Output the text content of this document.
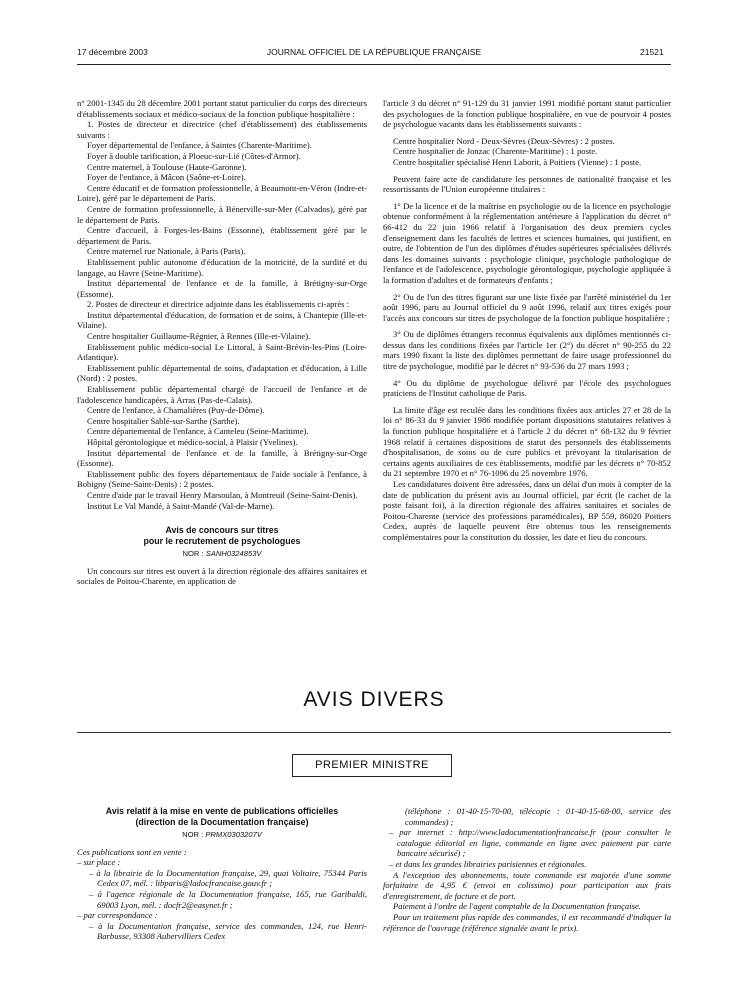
17 décembre 2003	JOURNAL OFFICIEL DE LA RÉPUBLIQUE FRANÇAISE	21521

n° 2001-1345 du 28 décembre 2001 portant statut particulier du corps des directeurs d'établissements sociaux et médico-sociaux de la fonction publique hospitalière :

1. Postes de directeur et directrice (chef d'établissement) des établissements suivants :

Foyer départemental de l'enfance, à Saintes (Charente-Maritime).

Foyer à double tarification, à Ploeuc-sur-Lié (Côtes-d'Armor).

Centre maternel, à Toulouse (Haute-Garonne).

Foyer de l'enfance, à Mâcon (Saône-et-Loire).

Centre éducatif et de formation professionnelle, à Beaumont-en-Véron (Indre-et-Loire), géré par le département de Paris.

Centre de formation professionnelle, à Bénerville-sur-Mer (Calvados), géré par le département de Paris.

Centre d'accueil, à Forges-les-Bains (Essonne), établissement géré par le département de Paris.

Centre maternel rue Nationale, à Paris (Paris).

Etablissement public autonome d'éducation de la motricité, de la surdité et du langage, au Havre (Seine-Maritime).

Institut départemental de l'enfance et de la famille, à Brétigny-sur-Orge (Essonne).

2. Postes de directeur et directrice adjointe dans les établissements ci-après :

Institut départemental d'éducation, de formation et de soins, à Chantepie (Ille-et-Vilaine).

Centre hospitalier Guillaume-Régnier, à Rennes (Ille-et-Vilaine).

Etablissement public médico-social Le Littoral, à Saint-Brévin-les-Pins (Loire-Atlantique).

Etablissement public départemental de soins, d'adaptation et d'éducation, à Lille (Nord) : 2 postes.

Etablissement public départemental chargé de l'accueil de l'enfance et de l'adolescence handicapées, à Arras (Pas-de-Calais).

Centre de l'enfance, à Chamalières (Puy-de-Dôme).

Centre hospitalier Sablé-sur-Sarthe (Sarthe).

Centre départemental de l'enfance, à Canteleu (Seine-Maritime).

Hôpital gérontologique et médico-social, à Plaisir (Yvelines).

Institut départemental de l'enfance et de la famille, à Brétigny-sur-Orge (Essonne).

Etablissement public des foyers départementaux de l'aide sociale à l'enfance, à Bobigny (Seine-Saint-Denis) : 2 postes.

Centre d'aide par le travail Henry Marsoulan, à Montreuil (Seine-Saint-Denis).

Institut Le Val Mandé, à Saint-Mandé (Val-de-Marne).

Avis de concours sur titres
pour le recrutement de psychologues
NOR : SANH0324853V

Un concours sur titres est ouvert à la direction régionale des affaires sanitaires et sociales de Poitou-Charente, en application de

l'article 3 du décret n° 91-129 du 31 janvier 1991 modifié portant statut particulier des psychologues de la fonction publique hospitalière, en vue de pourvoir 4 postes de psychologue vacants dans les établissements suivants :

Centre hospitalier Nord - Deux-Sèvres (Deux-Sèvres) : 2 postes.

Centre hospitalier de Jonzac (Charente-Maritime) : 1 poste.

Centre hospitalier spécialisé Henri Laborit, à Poitiers (Vienne) : 1 poste.

Peuvent faire acte de candidature les personnes de nationalité française et les ressortissants de l'Union européenne titulaires :

1° De la licence et de la maîtrise en psychologie ou de la licence en psychologie obtenue conformément à la réglementation antérieure à l'application du décret n° 66-412 du 22 juin 1966 relatif à l'organisation des deux premiers cycles d'enseignement dans les facultés de lettres et sciences humaines, qui justifient, en outre, de l'obtention de l'un des diplômes d'études supérieures spécialisées délivrés dans les domaines suivants : psychologie clinique, psychologie pathologique de l'enfance et de l'adolescence, psychologie gérontologique, psychologie appliquée à la formation d'adultes et de formateurs d'enfants ;

2° Ou de l'un des titres figurant sur une liste fixée par l'arrêté ministériel du 1er août 1996, paru au Journal officiel du 9 août 1996, relatif aux titres exigés pour l'accès aux concours sur titres de psychologue de la fonction publique hospitalière ;

3° Ou de diplômes étrangers reconnus équivalents aux diplômes mentionnés ci-dessus dans les conditions fixées par l'article 1er (2°) du décret n° 90-255 du 22 mars 1990 fixant la liste des diplômes permettant de faire usage professionnel du titre de psychologue, modifié par le décret n° 93-536 du 27 mars 1993 ;

4° Ou du diplôme de psychologue délivré par l'école des psychologues praticiens de l'Institut catholique de Paris.

La limite d'âge est reculée dans les conditions fixées aux articles 27 et 28 de la loi n° 86-33 du 9 janvier 1986 modifiée portant dispositions statutaires relatives à la fonction publique hospitalière et à l'article 2 du décret n° 68-132 du 9 février 1968 relatif à certaines dispositions de statut des personnels des établissements d'hospitalisation, de soins ou de cure publics et prévoyant la titularisation de certains agents auxiliaires de ces établissements, modifié par les décrets n° 70-852 du 21 septembre 1970 et n° 76-1096 du 25 novembre 1976.

Les candidatures doivent être adressées, dans un délai d'un mois à compter de la date de publication du présent avis au Journal officiel, par écrit (le cachet de la poste faisant foi), à la direction régionale des affaires sanitaires et sociales de Poitou-Charente (service des professions paramédicales), BP 559, 86020 Poitiers Cedex, auprès de laquelle peuvent être obtenus tous les renseignements complémentaires pour la constitution du dossier, les date et lieu du concours.

AVIS DIVERS
PREMIER MINISTRE
Avis relatif à la mise en vente de publications officielles
(direction de la Documentation française)
NOR : PRMX0303207V

Ces publications sont en vente :

– sur place :

– à la librairie de la Documentation française, 29, quai Voltaire, 75344 Paris Cedex 07, mél. : libparis@ladocfrancaise.gouv.fr ;

– à l'agence régionale de la Documentation française, 165, rue Garibaldi, 69003 Lyon, mél. : docfr2@easynet.fr ;

– par correspondance :

– à la Documentation française, service des commandes, 124, rue Henri-Barbusse, 93308 Aubervilliers Cedex

(téléphone : 01-40-15-70-00, télécopie : 01-40-15-68-00, service des commandes) ;

– par internet : http://www.ladocumentationfrancaise.fr (pour consulter le catalogue éditorial en ligne, commande en ligne avec paiement par carte bancaire sécurisé) ;

– et dans les grandes librairies parisiennes et régionales.

A l'exception des abonnements, toute commande est majorée d'une somme forfaitaire de 4,95 € (envoi en colissimo) pour participation aux frais d'enregistrement, de facture et de port.

Paiement à l'ordre de l'agent comptable de la Documentation française.

Pour un traitement plus rapide des commandes, il est recommandé d'indiquer la référence de l'ouvrage (référence signalée avant le prix).
